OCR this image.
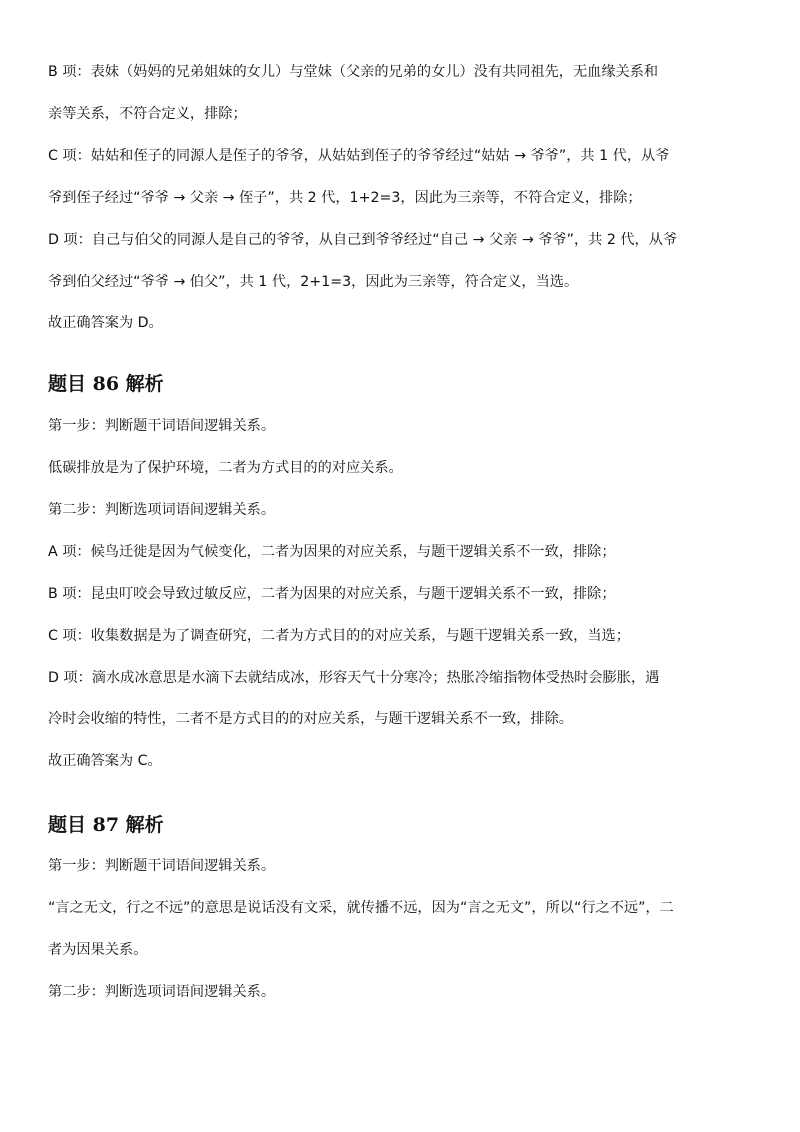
B 项：表妹（妈妈的兄弟姐妹的女儿）与堂妹（父亲的兄弟的女儿）没有共同祖先，无血缘关系和
亲等关系，不符合定义，排除；
C 项：姑姑和侄子的同源人是侄子的爷爷，从姑姑到侄子的爷爷经过“姑姑 → 爷爷”，共 1 代，从爷
爷到侄子经过“爷爷 → 父亲 → 侄子”，共 2 代，1+2=3，因此为三亲等，不符合定义，排除；
D 项：自己与伯父的同源人是自己的爷爷，从自己到爷爷经过“自己 → 父亲 → 爷爷”，共 2 代，从爷
爷到伯父经过“爷爷 → 伯父”，共 1 代，2+1=3，因此为三亲等，符合定义，当选。
故正确答案为 D。
题目 86 解析
第一步：判断题干词语间逻辑关系。
低碳排放是为了保护环境，二者为方式目的的对应关系。
第二步：判断选项词语间逻辑关系。
A 项：候鸟迁徙是因为气候变化，二者为因果的对应关系，与题干逻辑关系不一致，排除；
B 项：昆虫叮咬会导致过敏反应，二者为因果的对应关系，与题干逻辑关系不一致，排除；
C 项：收集数据是为了调查研究，二者为方式目的的对应关系，与题干逻辑关系一致，当选；
D 项：滴水成冰意思是水滴下去就结成冰，形容天气十分寒冷；热胀冷缩指物体受热时会膨胀，遇
冷时会收缩的特性，二者不是方式目的的对应关系，与题干逻辑关系不一致，排除。
故正确答案为 C。
题目 87 解析
第一步：判断题干词语间逻辑关系。
“言之无文，行之不远”的意思是说话没有文采，就传播不远，因为“言之无文”，所以“行之不远”，二
者为因果关系。
第二步：判断选项词语间逻辑关系。
